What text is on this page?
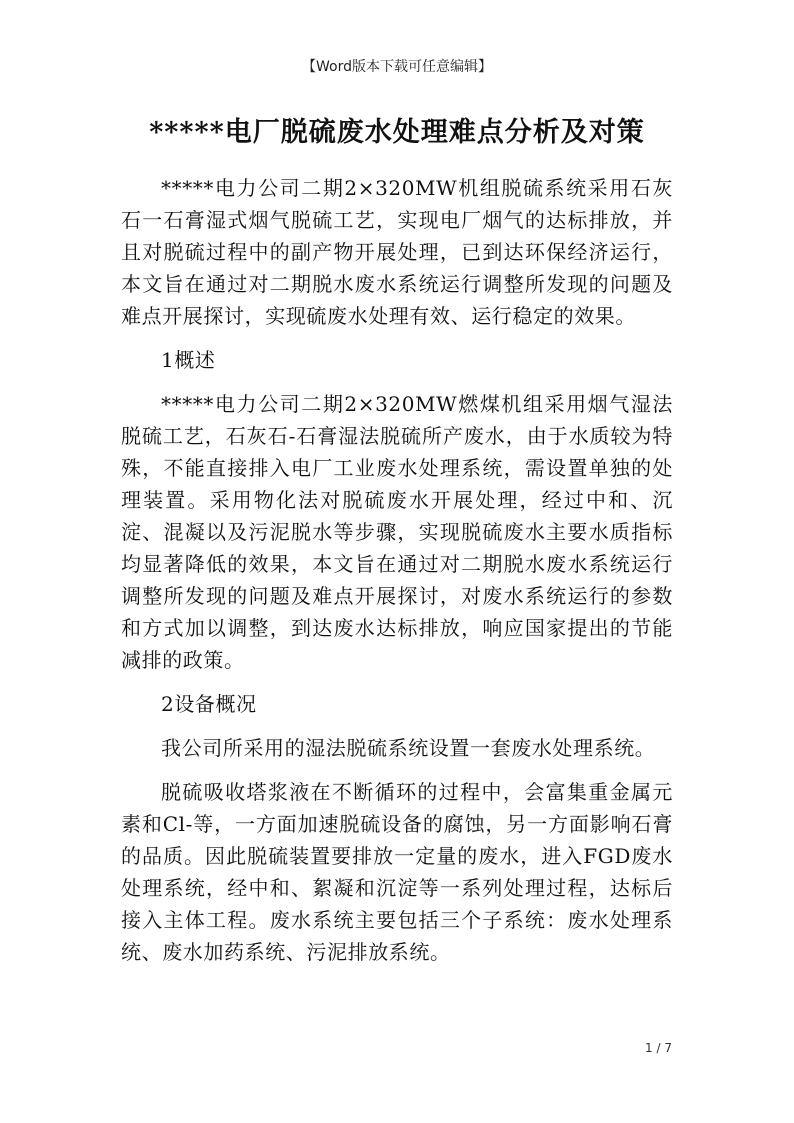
【Word版本下载可任意编辑】
*****电厂脱硫废水处理难点分析及对策

*****电力公司二期2×320MW机组脱硫系统采用石灰石一石膏湿式烟气脱硫工艺，实现电厂烟气的达标排放，并且对脱硫过程中的副产物开展处理，已到达环保经济运行，本文旨在通过对二期脱水废水系统运行调整所发现的问题及难点开展探讨，实现硫废水处理有效、运行稳定的效果。

1概述

*****电力公司二期2×320MW燃煤机组采用烟气湿法脱硫工艺，石灰石-石膏湿法脱硫所产废水，由于水质较为特殊，不能直接排入电厂工业废水处理系统，需设置单独的处理装置。采用物化法对脱硫废水开展处理，经过中和、沉淀、混凝以及污泥脱水等步骤，实现脱硫废水主要水质指标均显著降低的效果，本文旨在通过对二期脱水废水系统运行调整所发现的问题及难点开展探讨，对废水系统运行的参数和方式加以调整，到达废水达标排放，响应国家提出的节能减排的政策。

2设备概况

我公司所采用的湿法脱硫系统设置一套废水处理系统。

脱硫吸收塔浆液在不断循环的过程中，会富集重金属元素和Cl-等，一方面加速脱硫设备的腐蚀，另一方面影响石膏的品质。因此脱硫装置要排放一定量的废水，进入FGD废水处理系统，经中和、絮凝和沉淀等一系列处理过程，达标后接入主体工程。废水系统主要包括三个子系统：废水处理系统、废水加药系统、污泥排放系统。

1 / 7
